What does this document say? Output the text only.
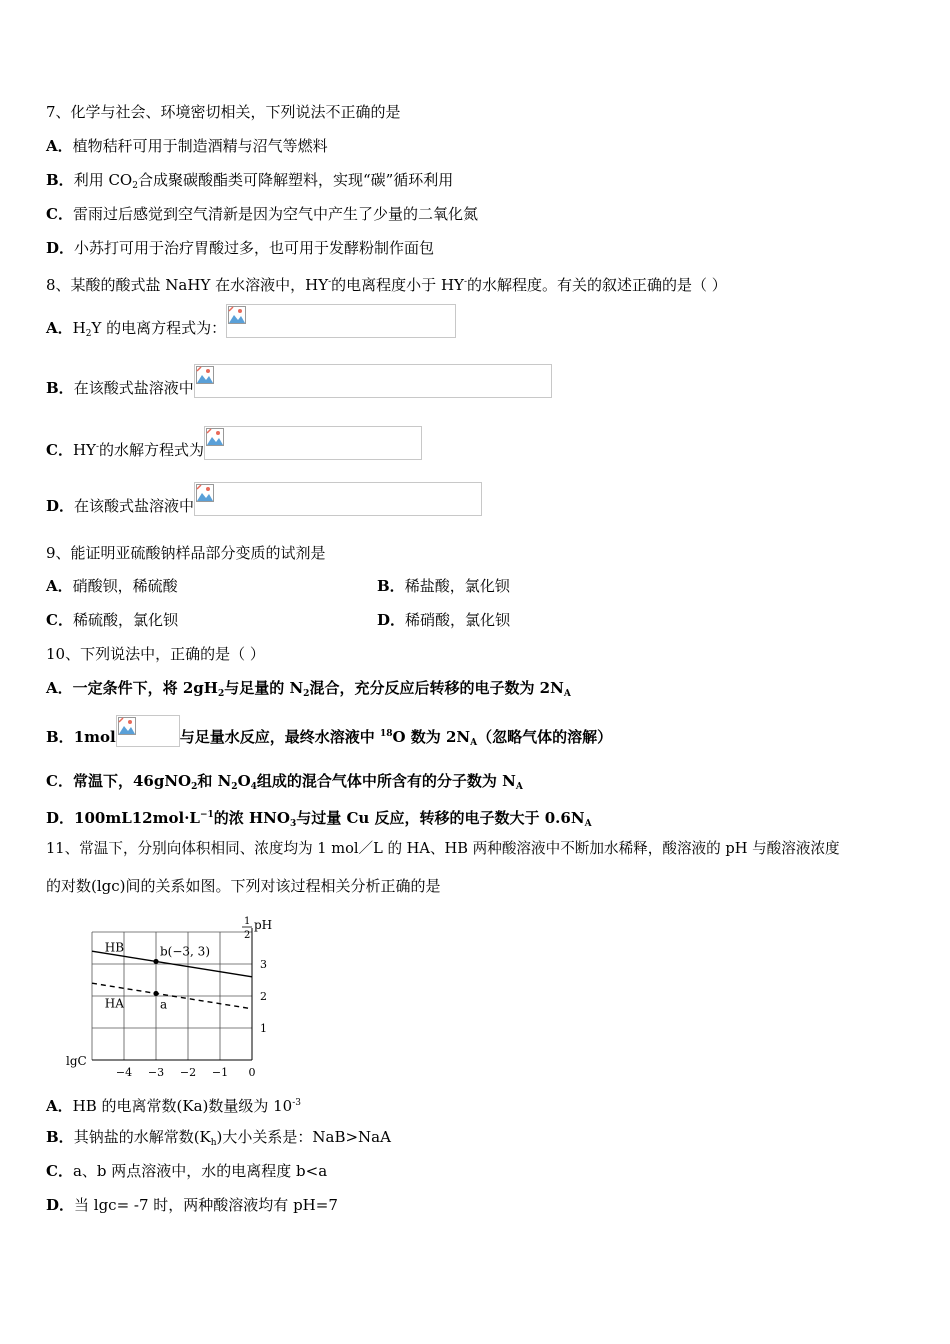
7、化学与社会、环境密切相关，下列说法不正确的是
A．植物秸秆可用于制造酒精与沼气等燃料
B．利用 $CO_2$合成聚碳酸酯类可降解塑料，实现“碳”循环利用
C．雷雨过后感觉到空气清新是因为空气中产生了少量的二氧化氮
D．小苏打可用于治疗胃酸过多，也可用于发酵粉制作面包
8、某酸的酸式盐 NaHY 在水溶液中，HY-的电离程度小于 HY-的水解程度。有关的叙述正确的是（ ）
A．$H_2Y$ 的电离方程式为：
B．在该酸式盐溶液中
C．HY-的水解方程式为
D．在该酸式盐溶液中
9、能证明亚硫酸钠样品部分变质的试剂是
A．硝酸钡，稀硫酸	B．稀盐酸，氯化钡
C．稀硫酸，氯化钡	D．稀硝酸，氯化钡
10、下列说法中，正确的是（ ）
A．一定条件下，将 $2gH_2$与足量的 $N_2$混合，充分反应后转移的电子数为 $2N_A$
B．1mol	与足量水反应，最终水溶液中 $^{18}$O 数为 $2N_A$（忽略气体的溶解）
C．常温下，46gNO$_2$和 $N_2O_4$组成的混合气体中所含有的分子数为 $N_A$
D．$100mL12mol\cdot L^{-1}$的浓 $HNO_3$与过量 Cu 反应，转移的电子数大于 $0.6N_A$
11、常温下，分别向体积相同、浓度均为 1 mol／L 的 HA、HB 两种酸溶液中不断加水稀释，酸溶液的 pH 与酸溶液浓度
的对数(lgc)间的关系如图。下列对该过程相关分析正确的是
lgC
1
2
pH
−4 −3 −2 −1 0
1
2
3
HB
HA
b(−3, 3)
a
A．HB 的电离常数(Ka)数量级为 $10^{-3}$
B．其钠盐的水解常数$(K_h)$大小关系是：NaB>NaA
C．a、b 两点溶液中，水的电离程度 b<a
D．当 lgc= -7 时，两种酸溶液均有 pH=7
